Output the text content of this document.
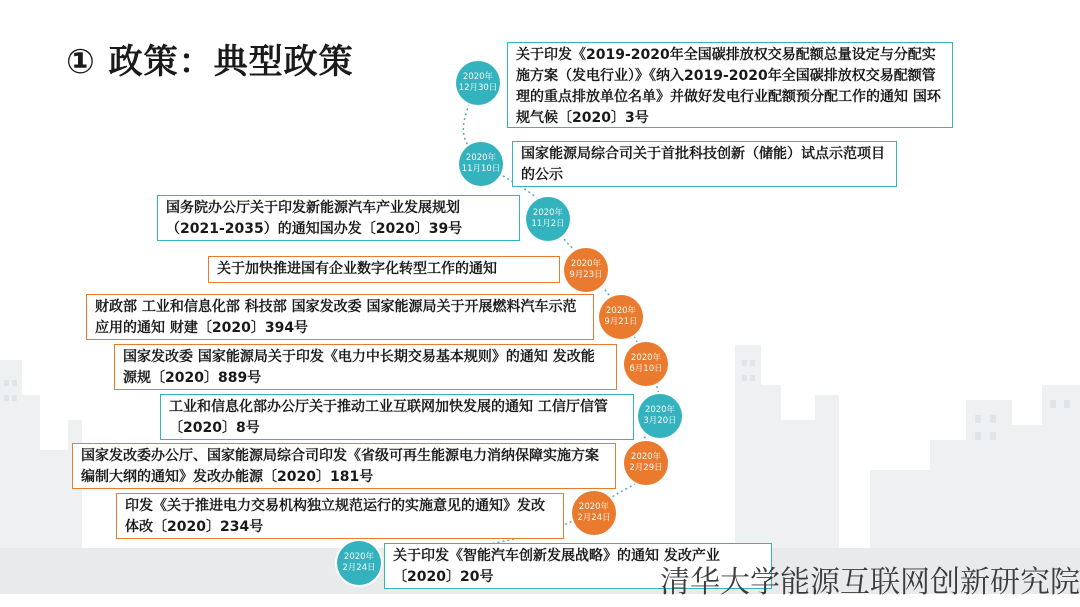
① 政策：典型政策	2020年
12月30日
2020年
11月10日
2020年
11月2日
2020年
9月23日
2020年
9月21日
2020年
6月10日
2020年
3月20日
2020年
2月29日
2020年
2月24日
2020年
2月24日
关于印发《2019-2020年全国碳排放权交易配额总量设定与分配实施方案（发电行业）》《纳入2019-2020年全国碳排放权交易配额管理的重点排放单位名单》并做好发电行业配额预分配工作的通知 国环规气候〔2020〕3号
国家能源局综合司关于首批科技创新（储能）试点示范项目的公示
国务院办公厅关于印发新能源汽车产业发展规划（2021-2035）的通知国办发〔2020〕39号
关于加快推进国有企业数字化转型工作的通知
财政部 工业和信息化部 科技部 国家发改委 国家能源局关于开展燃料汽车示范应用的通知 财建〔2020〕394号
国家发改委 国家能源局关于印发《电力中长期交易基本规则》的通知 发改能源规〔2020〕889号
工业和信息化部办公厅关于推动工业互联网加快发展的通知 工信厅信管〔2020〕8号
国家发改委办公厅、国家能源局综合司印发《省级可再生能源电力消纳保障实施方案编制大纲的通知》发改办能源〔2020〕181号
印发《关于推进电力交易机构独立规范运行的实施意见的通知》发改体改〔2020〕234号
关于印发《智能汽车创新发展战略》的通知 发改产业〔2020〕20号	清华大学能源互联网创新研究院
